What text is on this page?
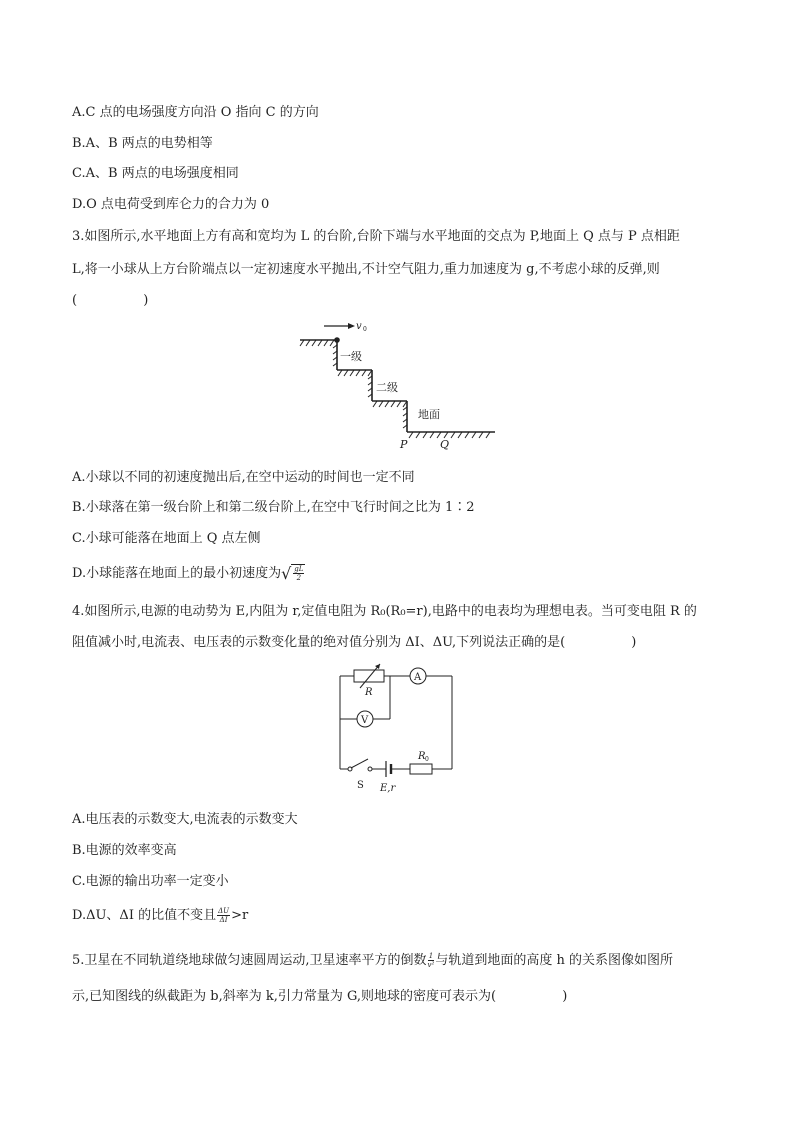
A.C 点的电场强度方向沿 O 指向 C 的方向
B.A、B 两点的电势相等
C.A、B 两点的电场强度相同
D.O 点电荷受到库仑力的合力为 0
3.如图所示,水平地面上方有高和宽均为 L 的台阶,台阶下端与水平地面的交点为 P,地面上 Q 点与 P 点相距
L,将一小球从上方台阶端点以一定初速度水平抛出,不计空气阻力,重力加速度为 g,不考虑小球的反弹,则
(                )
v 0
一级
二级
地面
P	Q
A.小球以不同的初速度抛出后,在空中运动的时间也一定不同
B.小球落在第一级台阶上和第二级台阶上,在空中飞行时间之比为 1∶2
C.小球可能落在地面上 Q 点左侧
D.小球能落在地面上的最小初速度为 √ $\frac{gL}{2}$
4.如图所示,电源的电动势为 E,内阻为 r,定值电阻为 R₀(R₀=r),电路中的电表均为理想电表。当可变电阻 R 的
阻值减小时,电流表、电压表的示数变化量的绝对值分别为 ΔI、ΔU,下列说法正确的是(                )
R
A
V
R 0
S E,r
A.电压表的示数变大,电流表的示数变大
B.电源的效率变高
C.电源的输出功率一定变小
D.ΔU、ΔI 的比值不变且 $\frac{\Delta U}{\Delta I} >r$
5.卫星在不同轨道绕地球做匀速圆周运动,卫星速率平方的倒数 $\frac{1}{\text{v²}}$ 与轨道到地面的高度 h 的关系图像如图所
示,已知图线的纵截距为 b,斜率为 k,引力常量为 G,则地球的密度可表示为(                )
